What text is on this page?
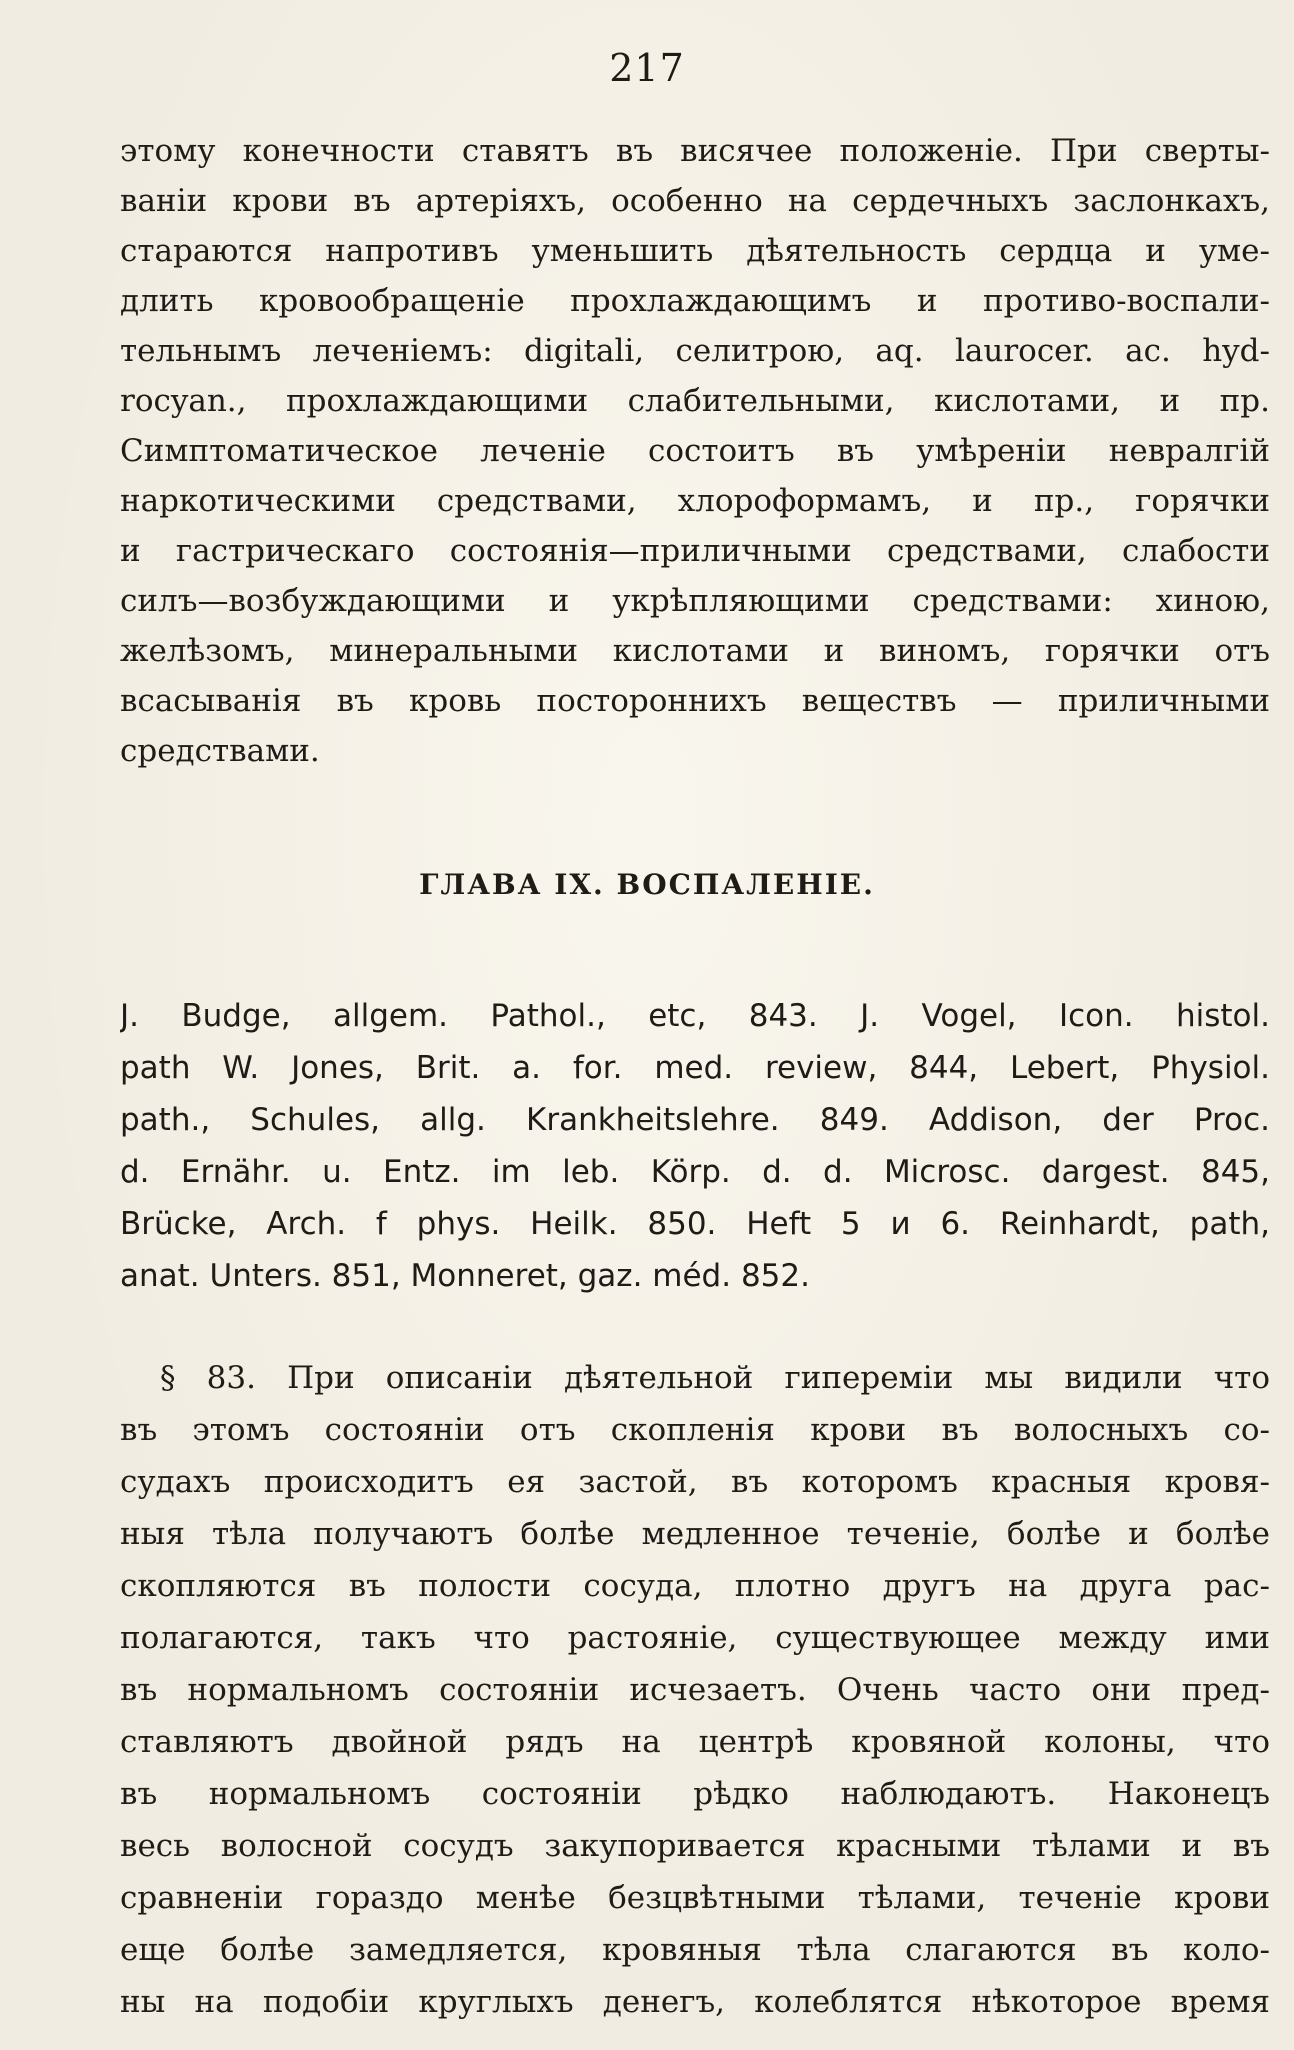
217
этому конечности ставятъ въ висячее положеніе. При сверты-
ваніи крови въ артеріяхъ, особенно на сердечныхъ заслонкахъ,
стараются напротивъ уменьшить дѣятельность сердца и уме-
длить кровообращеніе прохлаждающимъ и противо-воспали-
тельнымъ леченіемъ: digitali, селитрою, aq. laurocer. ac. hyd-
rocyan., прохлаждающими слабительными, кислотами, и пр.
Симптоматическое леченіе состоитъ въ умѣреніи невралгій
наркотическими средствами, хлороформамъ, и пр., горячки
и гастрическаго состоянія—приличными средствами, слабости
силъ—возбуждающими и укрѣпляющими средствами: хиною,
желѣзомъ, минеральными кислотами и виномъ, горячки отъ
всасыванія въ кровь постороннихъ веществъ — приличными
средствами.
ГЛАВА IX. ВОСПАЛЕНІЕ.
J. Budge, allgem. Pathol., etc, 843. J. Vogel, Icon. histol.
path W. Jones, Brit. a. for. med. review, 844, Lebert, Physiol.
path., Schules, allg. Krankheitslehre. 849. Addison, der Proc.
d. Ernähr. u. Entz. im leb. Körp. d. d. Microsc. dargest. 845,
Brücke, Arch. f phys. Heilk. 850. Heft 5 и 6. Reinhardt, path,
anat. Unters. 851, Monneret, gaz. méd. 852.
§ 83. При описаніи дѣятельной гипереміи мы видили что
въ этомъ состояніи отъ скопленія крови въ волосныхъ со-
судахъ происходитъ ея застой, въ которомъ красныя кровя-
ныя тѣла получаютъ болѣе медленное теченіе, болѣе и болѣе
скопляются въ полости сосуда, плотно другъ на друга рас-
полагаются, такъ что растояніе, существующее между ими
въ нормальномъ состояніи исчезаетъ. Очень часто они пред-
ставляютъ двойной рядъ на центрѣ кровяной колоны, что
въ нормальномъ состояніи рѣдко наблюдаютъ. Наконецъ
весь волосной сосудъ закупоривается красными тѣлами и въ
сравненіи гораздо менѣе безцвѣтными тѣлами, теченіе крови
еще болѣе замедляется, кровяныя тѣла слагаются въ коло-
ны на подобіи круглыхъ денегъ, колеблятся нѣкоторое время
